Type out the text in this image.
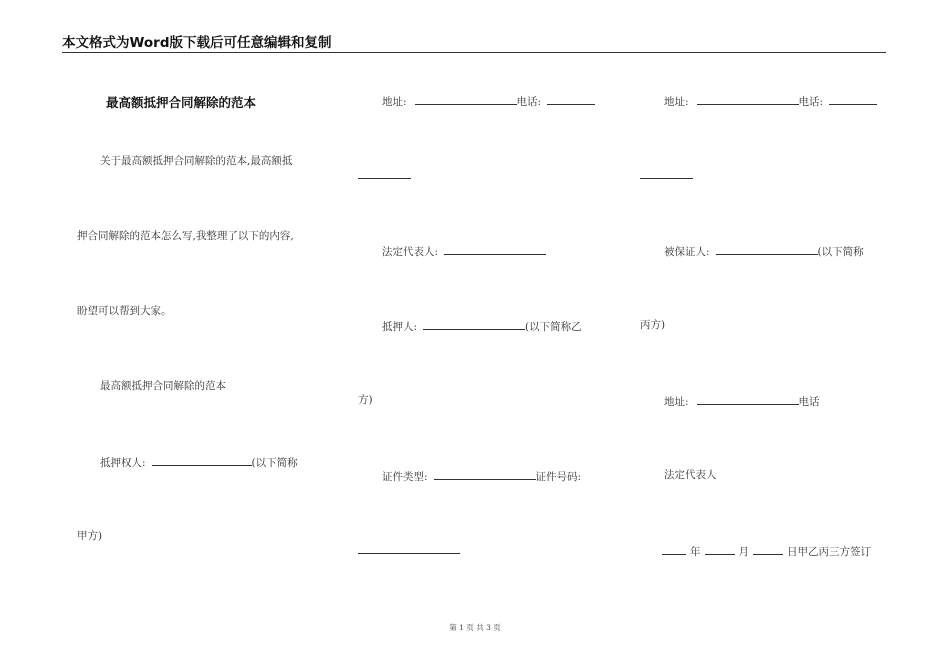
本文格式为Word版下载后可任意编辑和复制
最高额抵押合同解除的范本
关于最高额抵押合同解除的范本,最高额抵
押合同解除的范本怎么写,我整理了以下的内容,
盼望可以帮到大家。
最高额抵押合同解除的范本
抵押权人:	(以下简称
甲方)
地址:	电话:
法定代表人:
抵押人:	(以下简称乙
方)
证件类型:	证件号码:
地址:	电话:
被保证人:	(以下简称
丙方)
地址:	电话
法定代表人
年	月	日甲乙丙三方签订
第 1 页 共 3 页
